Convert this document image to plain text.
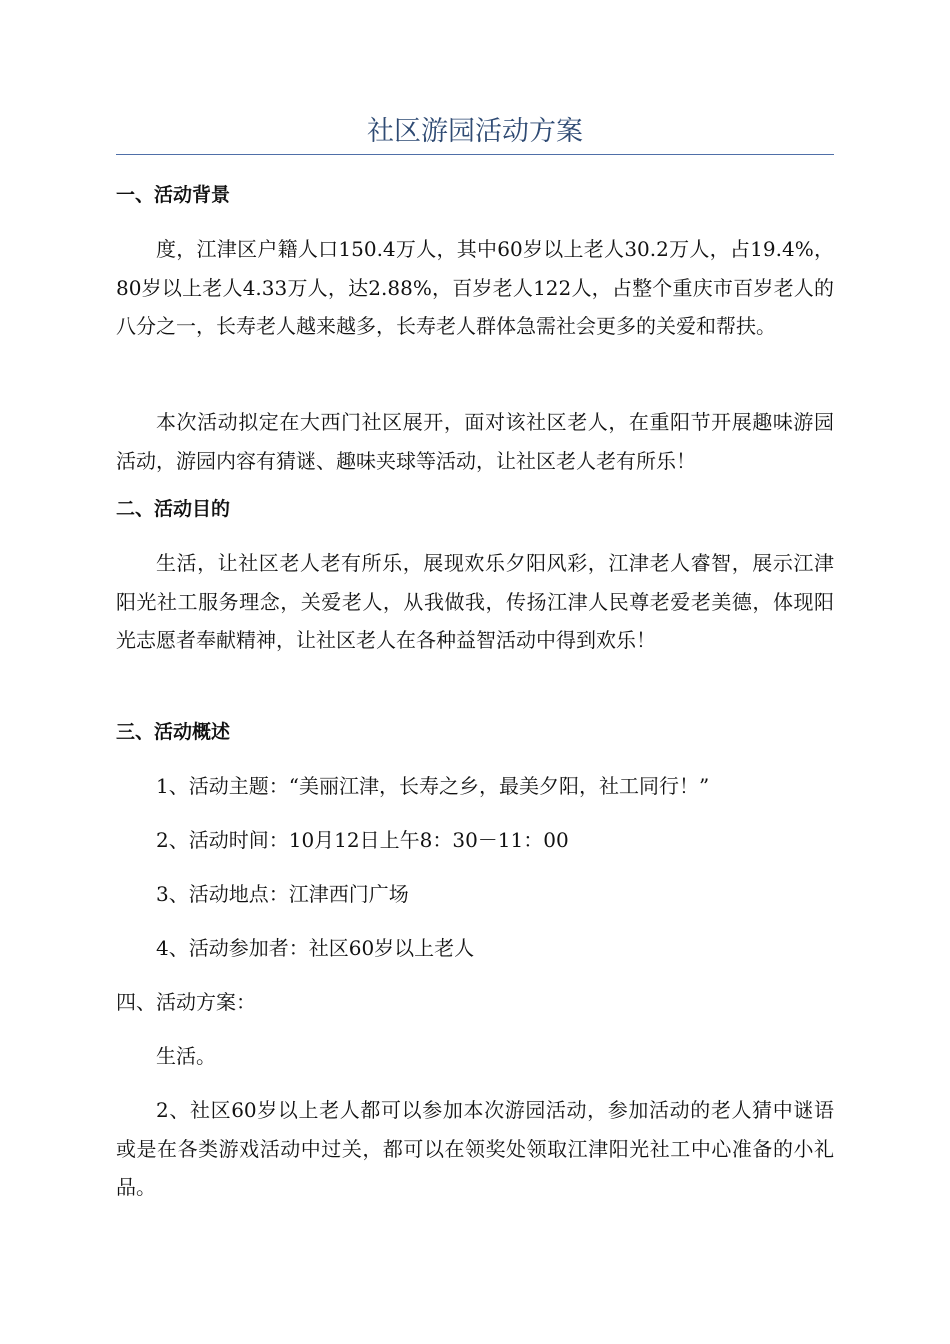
社区游园活动方案
一、活动背景

度，江津区户籍人口150.4万人，其中60岁以上老人30.2万人，占19.4%，80岁以上老人4.33万人，达2.88%，百岁老人122人，占整个重庆市百岁老人的八分之一，长寿老人越来越多，长寿老人群体急需社会更多的关爱和帮扶。

本次活动拟定在大西门社区展开，面对该社区老人，在重阳节开展趣味游园活动，游园内容有猜谜、趣味夹球等活动，让社区老人老有所乐！

二、活动目的

生活，让社区老人老有所乐，展现欢乐夕阳风彩，江津老人睿智，展示江津阳光社工服务理念，关爱老人，从我做我，传扬江津人民尊老爱老美德，体现阳光志愿者奉献精神，让社区老人在各种益智活动中得到欢乐！

三、活动概述
1、活动主题：“美丽江津，长寿之乡，最美夕阳，社工同行！”
2、活动时间：10月12日上午8：30－11：00
3、活动地点：江津西门广场
4、活动参加者：社区60岁以上老人
四、活动方案：
生活。

2、社区60岁以上老人都可以参加本次游园活动，参加活动的老人猜中谜语或是在各类游戏活动中过关，都可以在领奖处领取江津阳光社工中心准备的小礼品。
